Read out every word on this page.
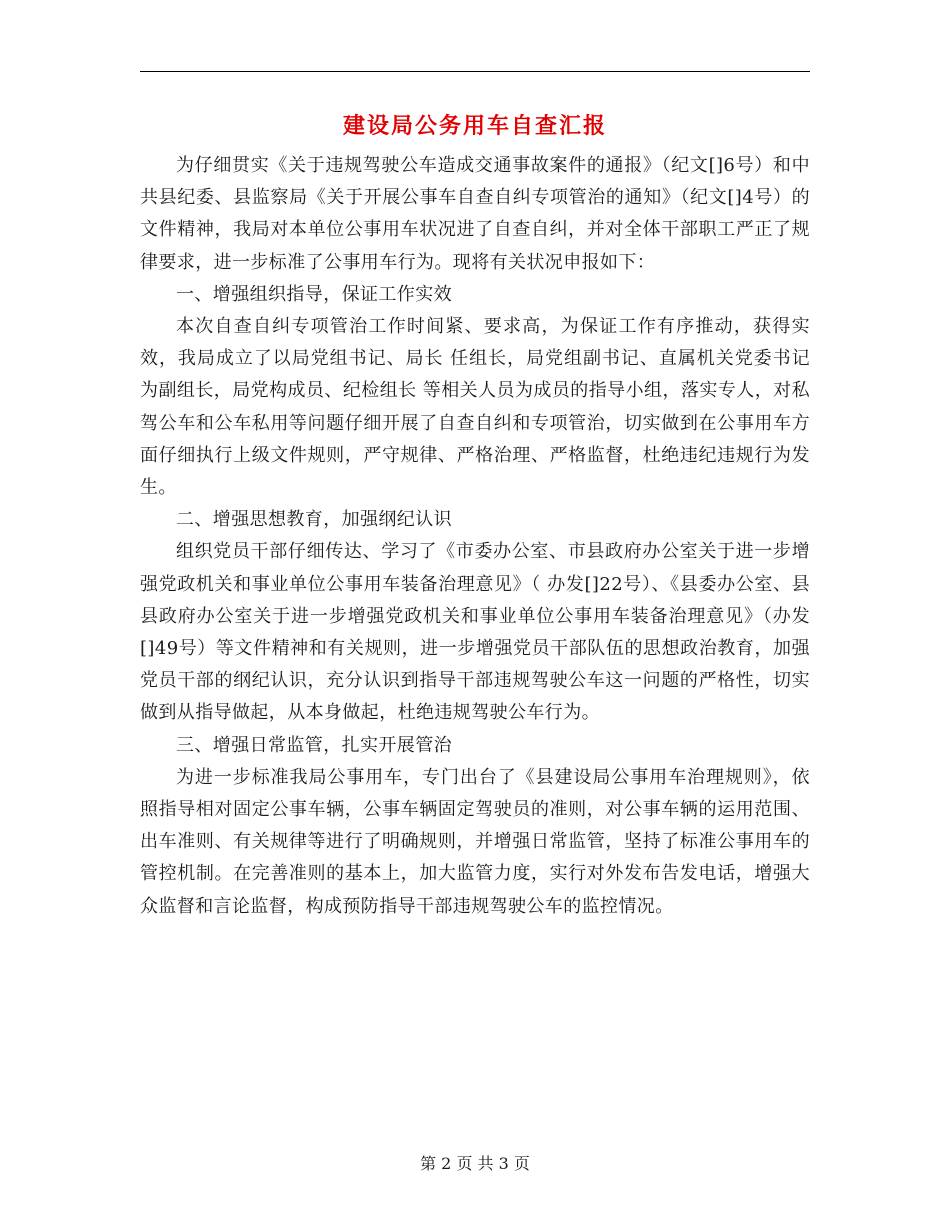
建设局公务用车自查汇报

为仔细贯实《关于违规驾驶公车造成交通事故案件的通报》（纪文[]6号）和中共县纪委、县监察局《关于开展公事车自查自纠专项管治的通知》（纪文[]4号）的文件精神，我局对本单位公事用车状况进了自查自纠，并对全体干部职工严正了规律要求，进一步标准了公事用车行为。现将有关状况申报如下：

一、增强组织指导，保证工作实效

本次自查自纠专项管治工作时间紧、要求高，为保证工作有序推动，获得实效，我局成立了以局党组书记、局长 任组长，局党组副书记、直属机关党委书记 为副组长，局党构成员、纪检组长 等相关人员为成员的指导小组，落实专人，对私驾公车和公车私用等问题仔细开展了自查自纠和专项管治，切实做到在公事用车方面仔细执行上级文件规则，严守规律、严格治理、严格监督，杜绝违纪违规行为发生。

二、增强思想教育，加强纲纪认识

组织党员干部仔细传达、学习了《市委办公室、市县政府办公室关于进一步增强党政机关和事业单位公事用车装备治理意见》（ 办发[]22号）、《县委办公室、县县政府办公室关于进一步增强党政机关和事业单位公事用车装备治理意见》（办发[]49号）等文件精神和有关规则，进一步增强党员干部队伍的思想政治教育，加强党员干部的纲纪认识，充分认识到指导干部违规驾驶公车这一问题的严格性，切实做到从指导做起，从本身做起，杜绝违规驾驶公车行为。

三、增强日常监管，扎实开展管治

为进一步标准我局公事用车，专门出台了《县建设局公事用车治理规则》，依照指导相对固定公事车辆，公事车辆固定驾驶员的准则，对公事车辆的运用范围、出车准则、有关规律等进行了明确规则，并增强日常监管，坚持了标准公事用车的管控机制。在完善准则的基本上，加大监管力度，实行对外发布告发电话，增强大众监督和言论监督，构成预防指导干部违规驾驶公车的监控情况。

第 2 页 共 3 页
